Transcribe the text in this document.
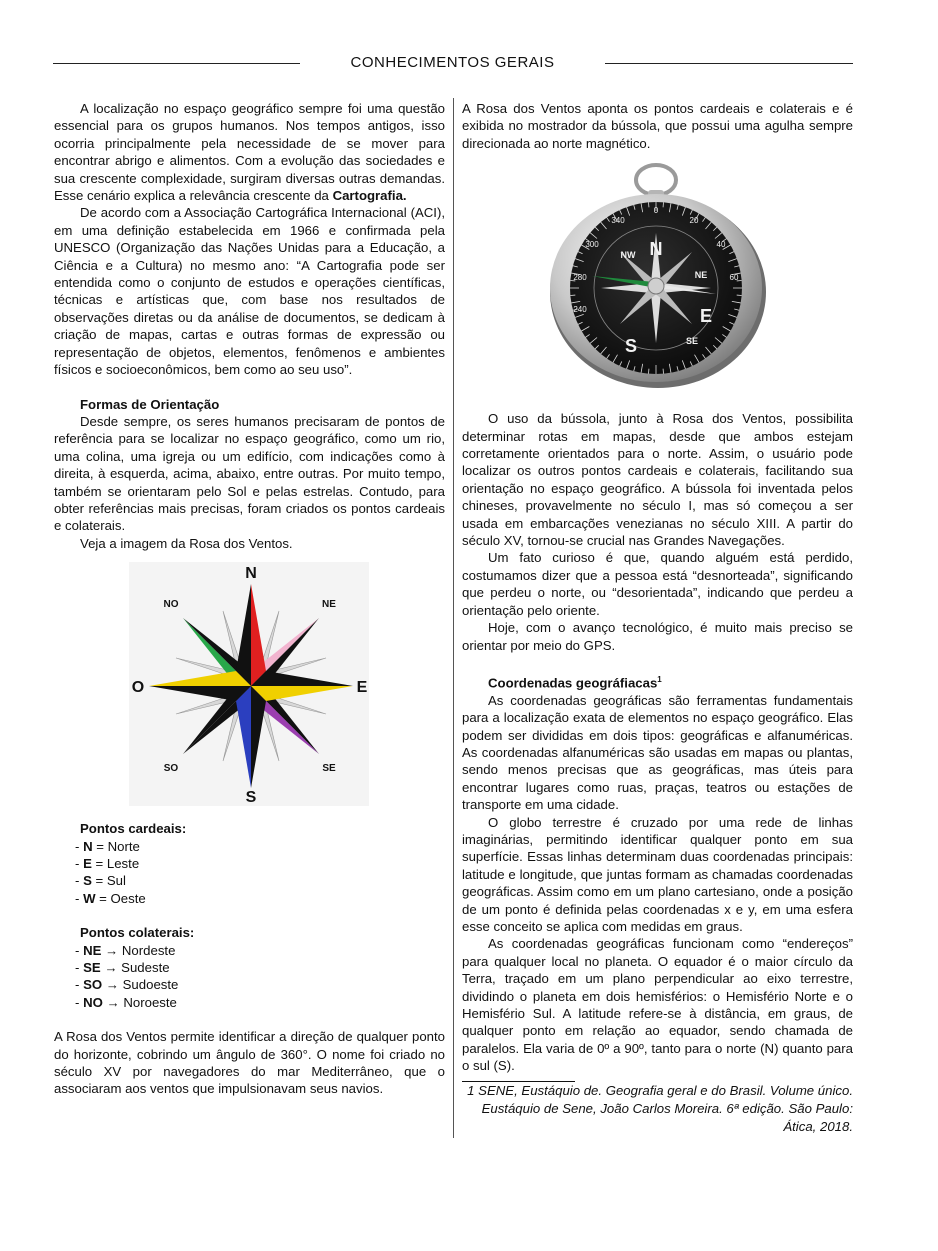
CONHECIMENTOS GERAIS

A localização no espaço geográfico sempre foi uma questão essencial para os grupos humanos. Nos tempos antigos, isso ocorria principalmente pela necessidade de se mover para encontrar abrigo e alimentos. Com a evolução das sociedades e sua crescente complexidade, surgiram diversas outras demandas. Esse cenário explica a relevância crescente da Cartografia.

De acordo com a Associação Cartográfica Internacional (ACI), em uma definição estabelecida em 1966 e confirmada pela UNESCO (Organização das Nações Unidas para a Educação, a Ciência e a Cultura) no mesmo ano: “A Cartografia pode ser entendida como o conjunto de estudos e operações científicas, técnicas e artísticas que, com base nos resultados de observações diretas ou da análise de documentos, se dedicam à criação de mapas, cartas e outras formas de expressão ou representação de objetos, elementos, fenômenos e ambientes físicos e socioeconômicos, bem como ao seu uso”.

Formas de Orientação

Desde sempre, os seres humanos precisaram de pontos de referência para se localizar no espaço geográfico, como um rio, uma colina, uma igreja ou um edifício, com indicações como à direita, à esquerda, acima, abaixo, entre outras. Por muito tempo, também se orientaram pelo Sol e pelas estrelas. Contudo, para obter referências mais precisas, foram criados os pontos cardeais e colaterais.

Veja a imagem da Rosa dos Ventos.

N
S
E
O
NE
NO
SE
SO

Pontos cardeais:

- N = Norte

- E = Leste

- S = Sul

- W = Oeste

Pontos colaterais:

- NE → Nordeste

- SE → Sudeste

- SO → Sudoeste

- NO → Noroeste

A Rosa dos Ventos permite identificar a direção de qualquer ponto do horizonte, cobrindo um ângulo de 360°. O nome foi criado no século XV por navegadores do mar Mediterrâneo, que o associaram aos ventos que impulsionavam seus navios.

A Rosa dos Ventos aponta os pontos cardeais e colaterais e é exibida no mostrador da bússola, que possui uma agulha sempre direcionada ao norte magnético.

0
20
40
60
340
300
280
240
N
E
S
NW
NE
SE

O uso da bússola, junto à Rosa dos Ventos, possibilita determinar rotas em mapas, desde que ambos estejam corretamente orientados para o norte. Assim, o usuário pode localizar os outros pontos cardeais e colaterais, facilitando sua orientação no espaço geográfico. A bússola foi inventada pelos chineses, provavelmente no século I, mas só começou a ser usada em embarcações venezianas no século XIII. A partir do século XV, tornou-se crucial nas Grandes Navegações.

Um fato curioso é que, quando alguém está perdido, costumamos dizer que a pessoa está “desnorteada”, significando que perdeu o norte, ou “desorientada”, indicando que perdeu a orientação pelo oriente.

Hoje, com o avanço tecnológico, é muito mais preciso se orientar por meio do GPS.

Coordenadas geográfiacas$^1$

As coordenadas geográficas são ferramentas fundamentais para a localização exata de elementos no espaço geográfico. Elas podem ser divididas em dois tipos: geográficas e alfanuméricas. As coordenadas alfanuméricas são usadas em mapas ou plantas, sendo menos precisas que as geográficas, mas úteis para encontrar lugares como ruas, praças, teatros ou estações de transporte em uma cidade.

O globo terrestre é cruzado por uma rede de linhas imaginárias, permitindo identificar qualquer ponto em sua superfície. Essas linhas determinam duas coordenadas principais: latitude e longitude, que juntas formam as chamadas coordenadas geográficas. Assim como em um plano cartesiano, onde a posição de um ponto é definida pelas coordenadas x e y, em uma esfera esse conceito se aplica com medidas em graus.

As coordenadas geográficas funcionam como “endereços” para qualquer local no planeta. O equador é o maior círculo da Terra, traçado em um plano perpendicular ao eixo terrestre, dividindo o planeta em dois hemisférios: o Hemisfério Norte e o Hemisfério Sul. A latitude refere-se à distância, em graus, de qualquer ponto em relação ao equador, sendo chamada de paralelos. Ela varia de 0º a 90º, tanto para o norte (N) quanto para o sul (S).

1 SENE, Eustáquio de. Geografia geral e do Brasil. Volume único. Eustáquio de Sene, João Carlos Moreira. 6ª edição. São Paulo: Ática, 2018.
